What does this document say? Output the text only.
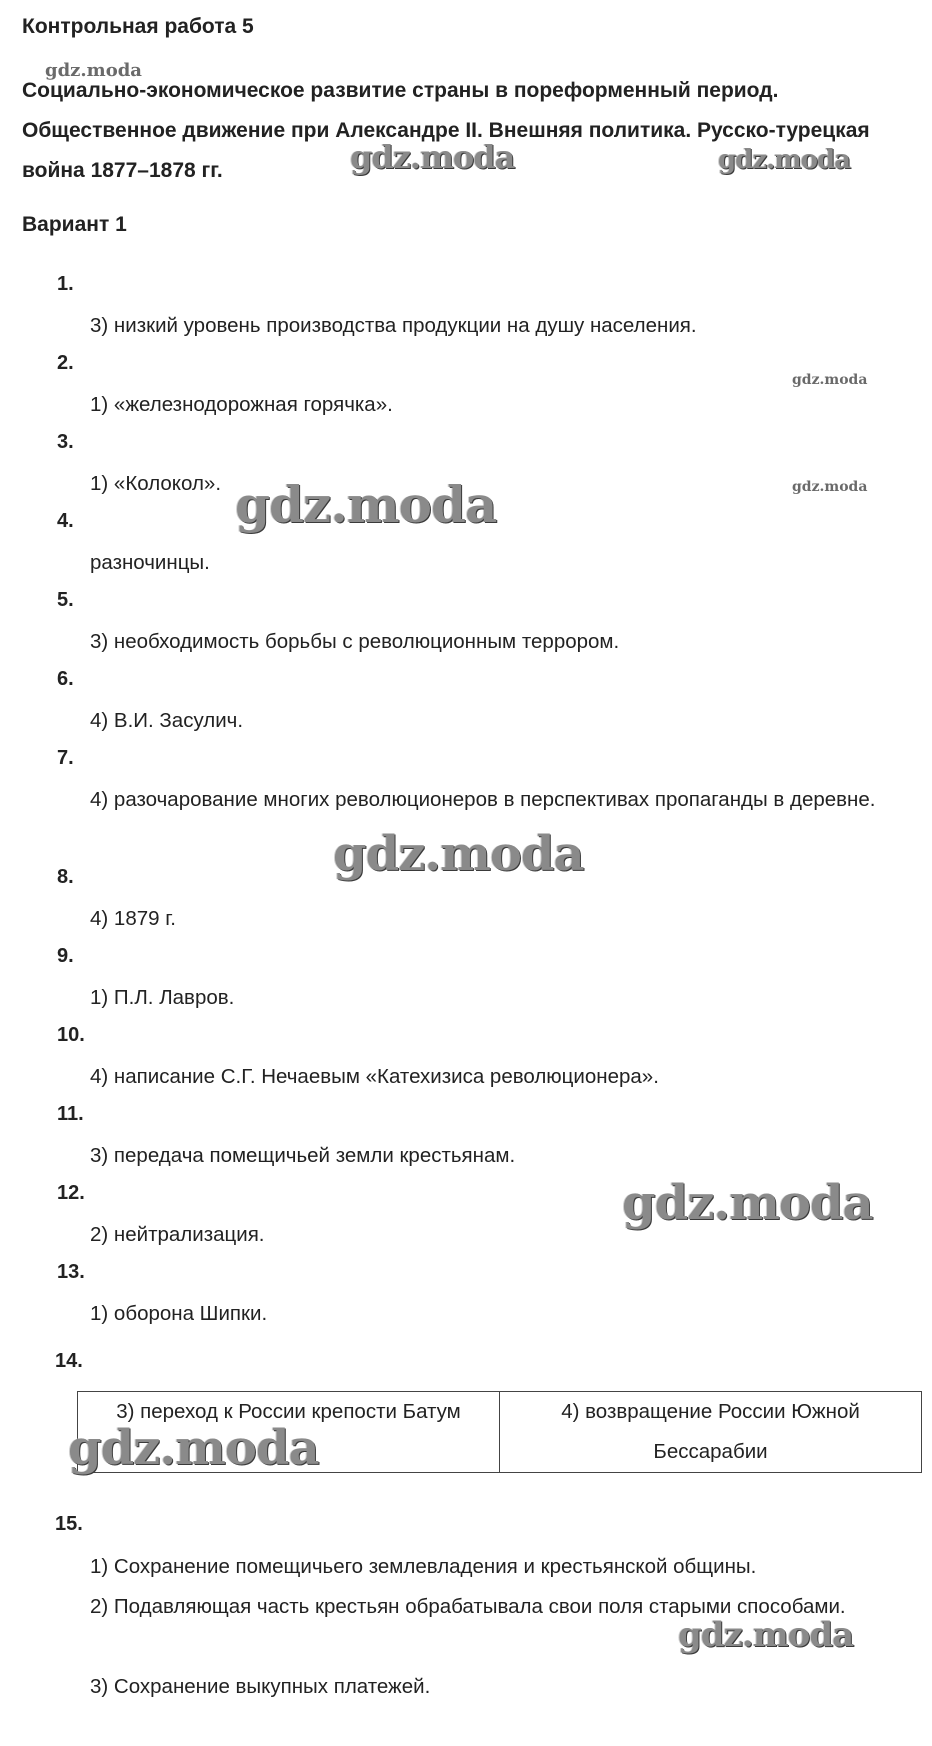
Контрольная работа 5
Социально-экономическое развитие страны в пореформенный период. Общественное движение при Александре II. Внешняя политика. Русско-турецкая война 1877–1878 гг.
Вариант 1
1.
3) низкий уровень производства продукции на душу населения.
2.
1) «железнодорожная горячка».
3.
1) «Колокол».
4.
разночинцы.
5.
3) необходимость борьбы с революционным террором.
6.
4) В.И. Засулич.
7.
4) разочарование многих революционеров в перспективах пропаганды в деревне.
8.
4) 1879 г.
9.
1) П.Л. Лавров.
10.
4) написание С.Г. Нечаевым «Катехизиса революционера».
11.
3) передача помещичьей земли крестьянам.
12.
2) нейтрализация.
13.
1) оборона Шипки.
14.
3) переход к России крепости Батум	4) возвращение России Южной Бессарабии
15.
1) Сохранение помещичьего землевладения и крестьянской общины.
2) Подавляющая часть крестьян обрабатывала свои поля старыми способами.
3) Сохранение выкупных платежей.
gdz.moda
gdz.moda	gdz.moda
gdz.moda
gdz.moda
gdz.moda
gdz.moda
gdz.moda
gdz.moda
gdz.moda
